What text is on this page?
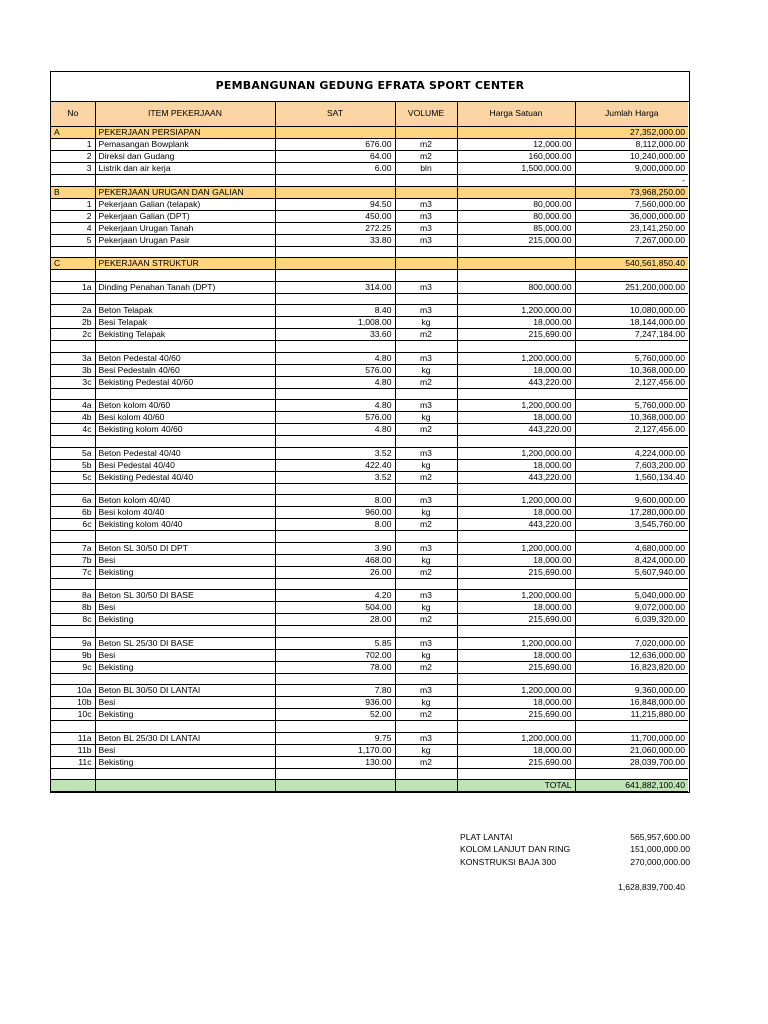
PEMBANGUNAN GEDUNG EFRATA SPORT CENTER
No	ITEM PEKERJAAN	SAT	VOLUME	Harga Satuan	Jumlah Harga
A	PEKERJAAN PERSIAPAN				27,352,000.00
1	Pemasangan Bowplank	676.00	m2	12,000.00	8,112,000.00
2	Direksi dan Gudang	64.00	m2	160,000.00	10,240,000.00
3	Listrik dan air kerja	6.00	bln	1,500,000.00	9,000,000.00
					-
B	PEKERJAAN URUGAN DAN GALIAN				73,968,250.00
1	Pekerjaan Galian (telapak)	94.50	m3	80,000.00	7,560,000.00
2	Pekerjaan Galian (DPT)	450.00	m3	80,000.00	36,000,000.00
4	Pekerjaan Urugan Tanah	272.25	m3	85,000.00	23,141,250.00
5	Pekerjaan Urugan Pasir	33.80	m3	215,000.00	7,267,000.00

C	PEKERJAAN STRUKTUR				540,561,850.40

1a	Dinding Penahan Tanah (DPT)	314.00	m3	800,000.00	251,200,000.00

2a	Beton Telapak	8.40	m3	1,200,000.00	10,080,000.00
2b	Besi Telapak	1,008.00	kg	18,000.00	18,144,000.00
2c	Bekisting Telapak	33.60	m2	215,690.00	7,247,184.00

3a	Beton Pedestal 40/60	4.80	m3	1,200,000.00	5,760,000.00
3b	Besi Pedestaln 40/60	576.00	kg	18,000.00	10,368,000.00
3c	Bekisting Pedestal 40/60	4.80	m2	443,220.00	2,127,456.00

4a	Beton kolom 40/60	4.80	m3	1,200,000.00	5,760,000.00
4b	Besi kolom 40/60	576.00	kg	18,000.00	10,368,000.00
4c	Bekisting kolom 40/60	4.80	m2	443,220.00	2,127,456.00

5a	Beton Pedestal 40/40	3.52	m3	1,200,000.00	4,224,000.00
5b	Besi Pedestal 40/40	422.40	kg	18,000.00	7,603,200.00
5c	Bekisting Pedestal 40/40	3.52	m2	443,220.00	1,560,134.40

6a	Beton kolom 40/40	8.00	m3	1,200,000.00	9,600,000.00
6b	Besi kolom 40/40	960.00	kg	18,000.00	17,280,000.00
6c	Bekisting kolom 40/40	8.00	m2	443,220.00	3,545,760.00

7a	Beton SL 30/50 DI DPT	3.90	m3	1,200,000.00	4,680,000.00
7b	Besi	468.00	kg	18,000.00	8,424,000.00
7c	Bekisting	26.00	m2	215,690.00	5,607,940.00

8a	Beton SL 30/50 DI BASE	4.20	m3	1,200,000.00	5,040,000.00
8b	Besi	504.00	kg	18,000.00	9,072,000.00
8c	Bekisting	28.00	m2	215,690.00	6,039,320.00

9a	Beton SL 25/30 DI BASE	5.85	m3	1,200,000.00	7,020,000.00
9b	Besi	702.00	kg	18,000.00	12,636,000.00
9c	Bekisting	78.00	m2	215,690.00	16,823,820.00

10a	Beton BL 30/50 DI LANTAI	7.80	m3	1,200,000.00	9,360,000.00
10b	Besi	936.00	kg	18,000.00	16,848,000.00
10c	Bekisting	52.00	m2	215,690.00	11,215,880.00

11a	Beton BL 25/30 DI LANTAI	9.75	m3	1,200,000.00	11,700,000.00
11b	Besi	1,170.00	kg	18,000.00	21,060,000.00
11c	Bekisting	130.00	m2	215,690.00	28,039,700.00

				TOTAL	641,882,100.40
PLAT LANTAI	565,957,600.00
KOLOM LANJUT DAN RING	151,000,000.00
KONSTRUKSI BAJA 300	270,000,000.00
1,628,839,700.40
